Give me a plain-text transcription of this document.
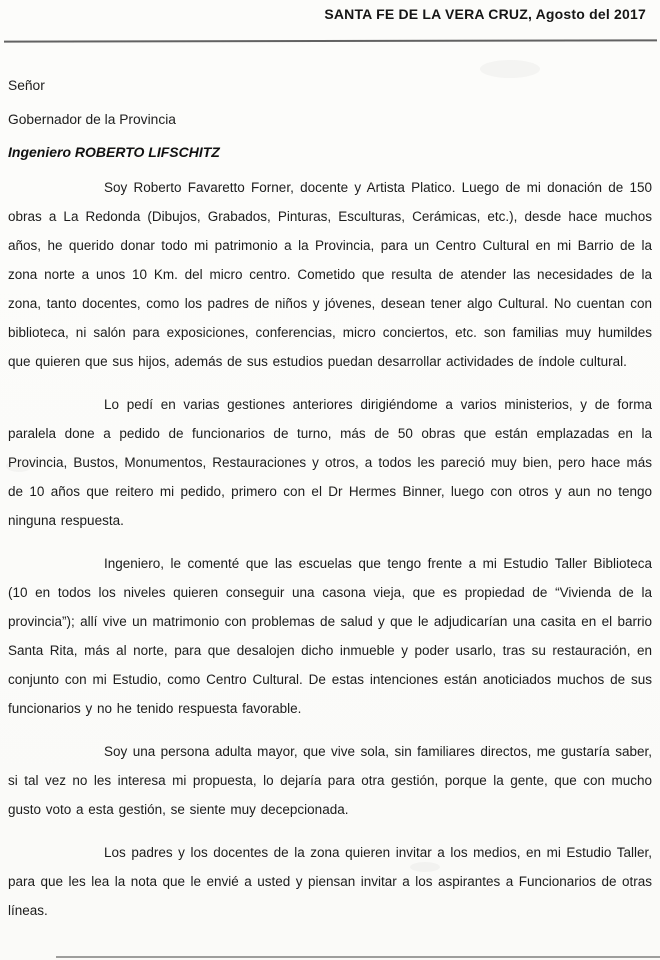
SANTA FE DE LA VERA CRUZ, Agosto del 2017
Señor
Gobernador de la Provincia
Ingeniero ROBERTO LIFSCHITZ

Soy Roberto Favaretto Forner, docente y Artista Platico. Luego de mi donación de 150 obras a La Redonda (Dibujos, Grabados, Pinturas, Esculturas, Cerámicas, etc.), desde hace muchos años, he querido donar todo mi patrimonio a la Provincia, para un Centro Cultural en mi Barrio de la zona norte a unos 10 Km. del micro centro. Cometido que resulta de atender las necesidades de la zona, tanto docentes, como los padres de niños y jóvenes, desean tener algo Cultural. No cuentan con biblioteca, ni salón para exposiciones, conferencias, micro conciertos, etc. son familias muy humildes que quieren que sus hijos, además de sus estudios puedan desarrollar actividades de índole cultural.

Lo pedí en varias gestiones anteriores dirigiéndome a varios ministerios, y de forma paralela done a pedido de funcionarios de turno, más de 50 obras que están emplazadas en la Provincia, Bustos, Monumentos, Restauraciones y otros, a todos les pareció muy bien, pero hace más de 10 años que reitero mi pedido, primero con el Dr Hermes Binner, luego con otros y aun no tengo ninguna respuesta.

Ingeniero, le comenté que las escuelas que tengo frente a mi Estudio Taller Biblioteca (10 en todos los niveles quieren conseguir una casona vieja, que es propiedad de “Vivienda de la provincia”); allí vive un matrimonio con problemas de salud y que le adjudicarían una casita en el barrio Santa Rita, más al norte, para que desalojen dicho inmueble y poder usarlo, tras su restauración, en conjunto con mi Estudio, como Centro Cultural. De estas intenciones están anoticiados muchos de sus funcionarios y no he tenido respuesta favorable.

Soy una persona adulta mayor, que vive sola, sin familiares directos, me gustaría saber, si tal vez no les interesa mi propuesta, lo dejaría para otra gestión, porque la gente, que con mucho gusto voto a esta gestión, se siente muy decepcionada.

Los padres y los docentes de la zona quieren invitar a los medios, en mi Estudio Taller, para que les lea la nota que le envié a usted y piensan invitar a los aspirantes a Funcionarios de otras líneas.
